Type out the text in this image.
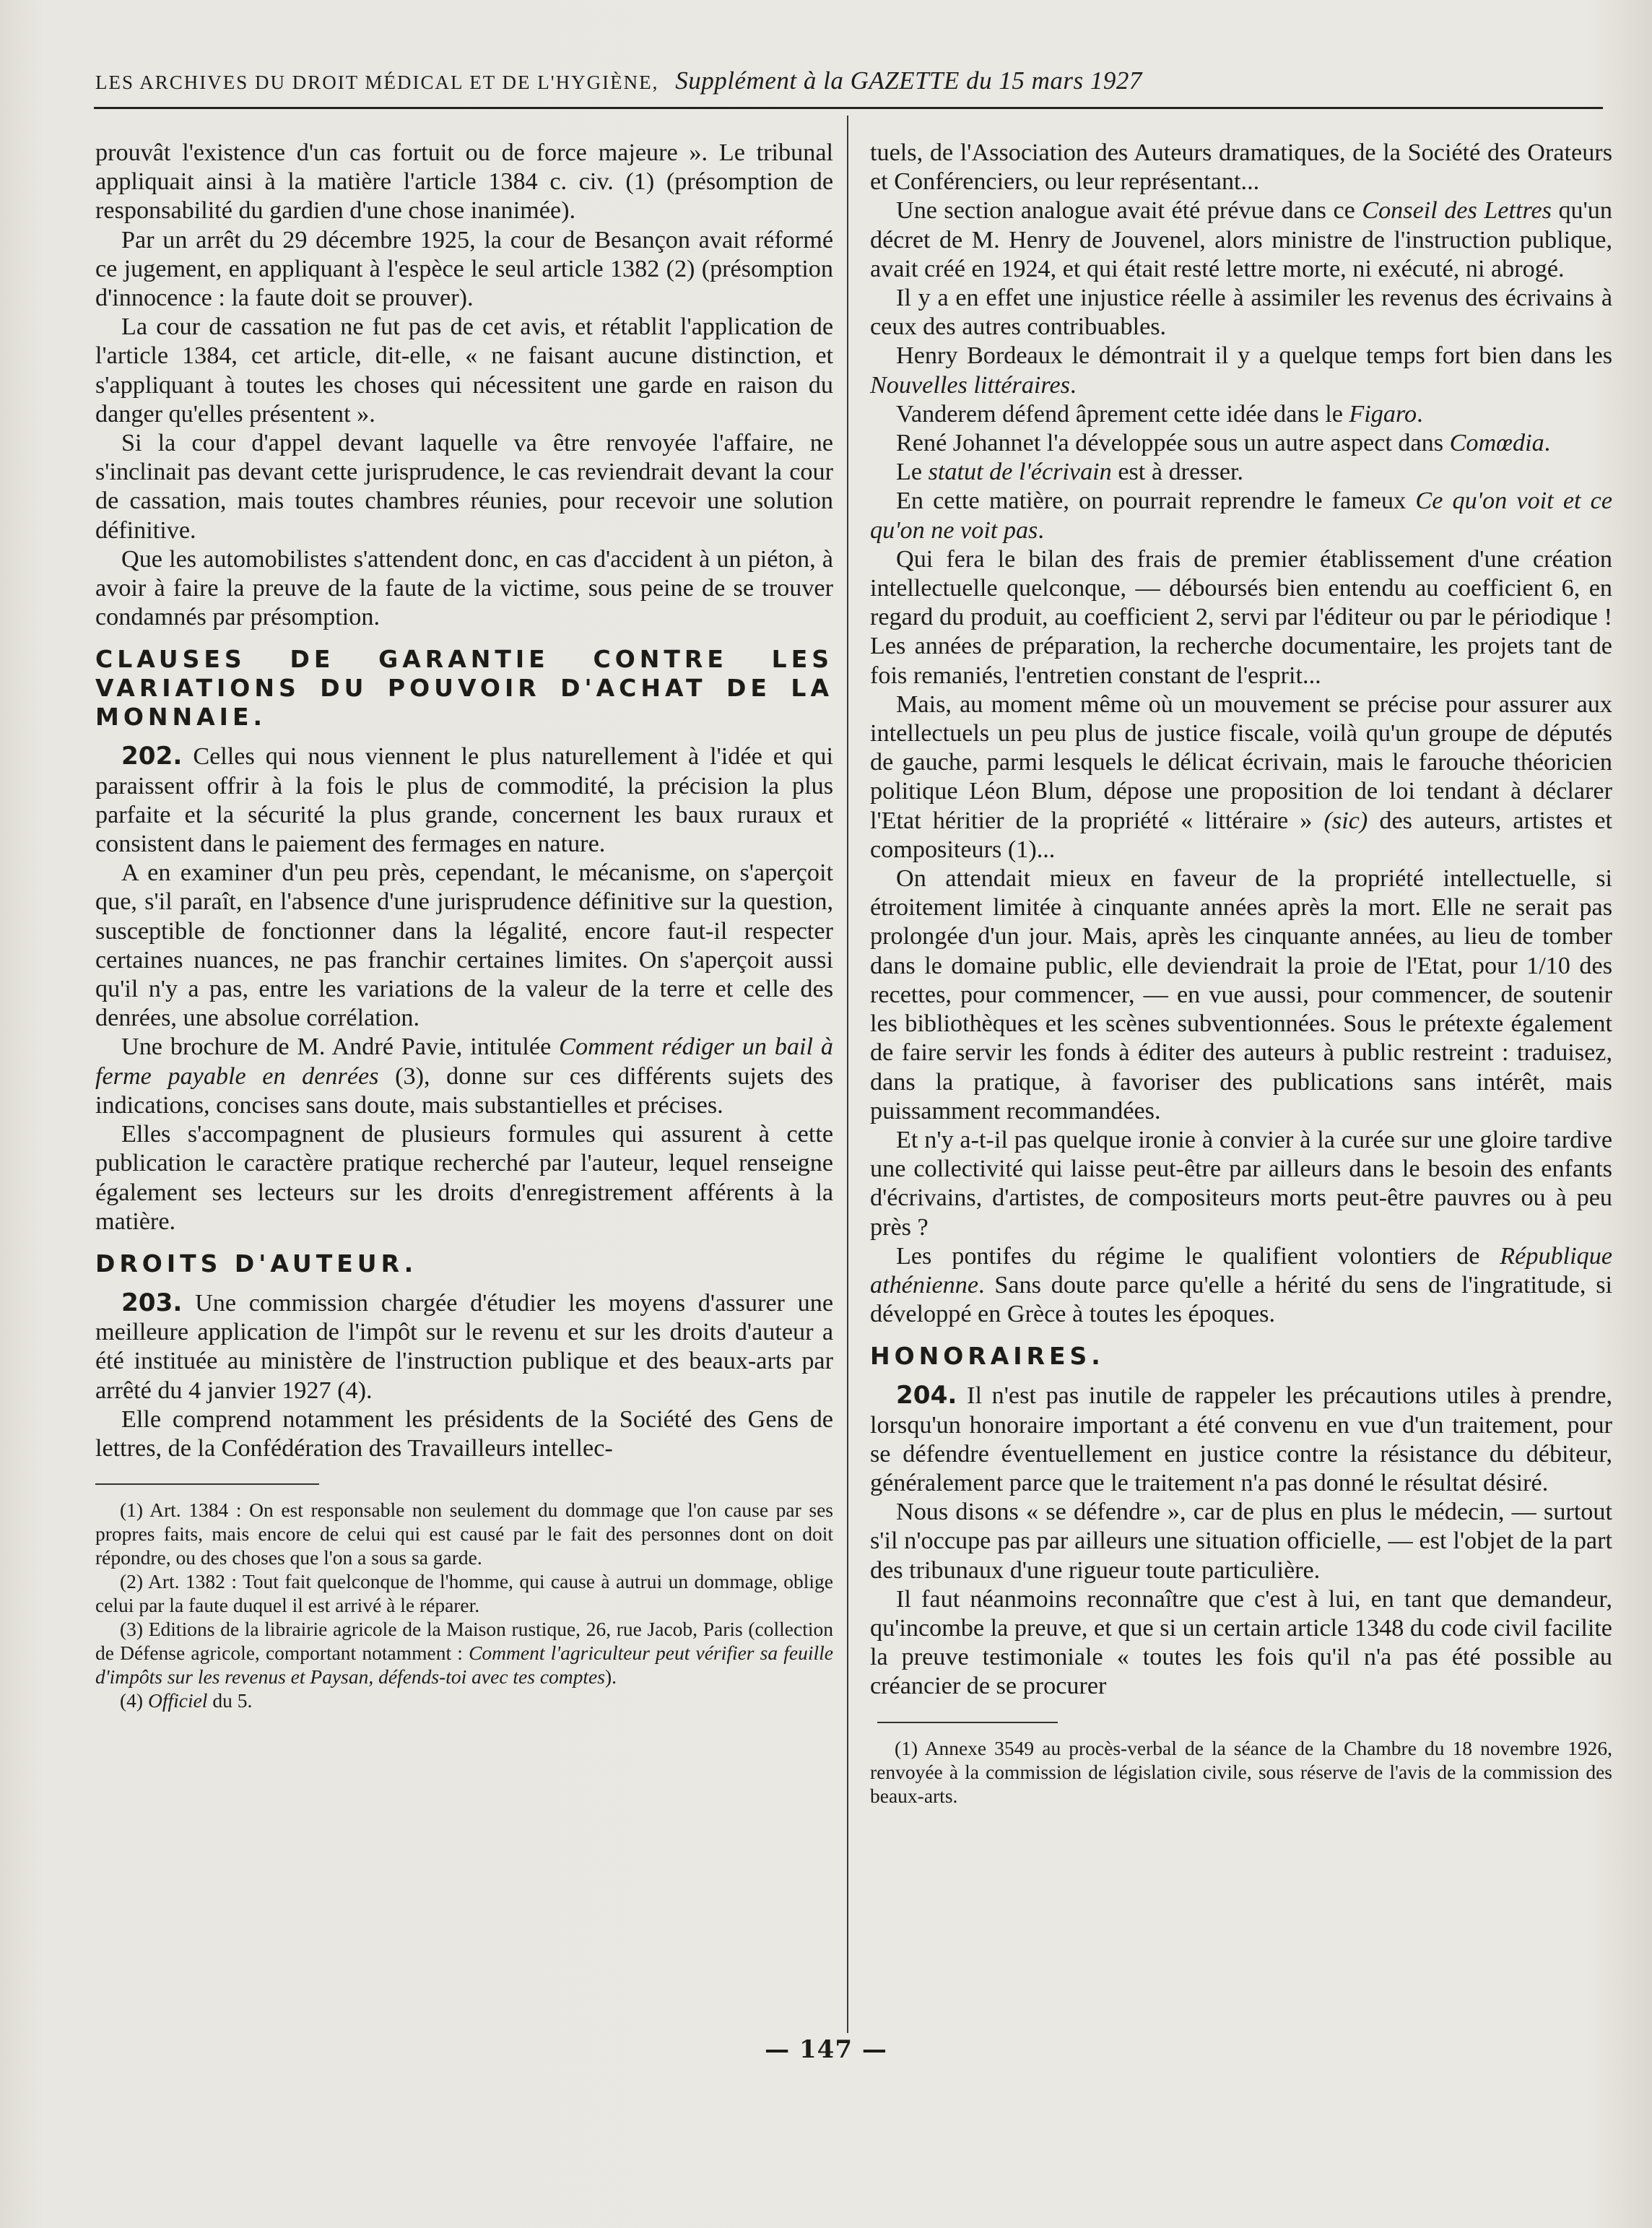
LES ARCHIVES DU DROIT MÉDICAL ET DE L'HYGIÈNE, Supplément à la GAZETTE du 15 mars 1927

prouvât l'existence d'un cas fortuit ou de force majeure ». Le tribunal appliquait ainsi à la matière l'article 1384 c. civ. (1) (présomption de responsabilité du gardien d'une chose inanimée).

Par un arrêt du 29 décembre 1925, la cour de Besançon avait réformé ce jugement, en appliquant à l'espèce le seul article 1382 (2) (présomption d'innocence : la faute doit se prouver).

La cour de cassation ne fut pas de cet avis, et rétablit l'application de l'article 1384, cet article, dit-elle, « ne faisant aucune distinction, et s'appliquant à toutes les choses qui nécessitent une garde en raison du danger qu'elles présentent ».

Si la cour d'appel devant laquelle va être renvoyée l'affaire, ne s'inclinait pas devant cette jurisprudence, le cas reviendrait devant la cour de cassation, mais toutes chambres réunies, pour recevoir une solution définitive.

Que les automobilistes s'attendent donc, en cas d'accident à un piéton, à avoir à faire la preuve de la faute de la victime, sous peine de se trouver condamnés par présomption.

CLAUSES DE GARANTIE CONTRE LES VARIATIONS DU POUVOIR D'ACHAT DE LA MONNAIE.

202. Celles qui nous viennent le plus naturellement à l'idée et qui paraissent offrir à la fois le plus de commodité, la précision la plus parfaite et la sécurité la plus grande, concernent les baux ruraux et consistent dans le paiement des fermages en nature.

A en examiner d'un peu près, cependant, le mécanisme, on s'aperçoit que, s'il paraît, en l'absence d'une jurisprudence définitive sur la question, susceptible de fonctionner dans la légalité, encore faut-il respecter certaines nuances, ne pas franchir certaines limites. On s'aperçoit aussi qu'il n'y a pas, entre les variations de la valeur de la terre et celle des denrées, une absolue corrélation.

Une brochure de M. André Pavie, intitulée Comment rédiger un bail à ferme payable en denrées (3), donne sur ces différents sujets des indications, concises sans doute, mais substantielles et précises.

Elles s'accompagnent de plusieurs formules qui assurent à cette publication le caractère pratique recherché par l'auteur, lequel renseigne également ses lecteurs sur les droits d'enregistrement afférents à la matière.

DROITS D'AUTEUR.

203. Une commission chargée d'étudier les moyens d'assurer une meilleure application de l'impôt sur le revenu et sur les droits d'auteur a été instituée au ministère de l'instruction publique et des beaux-arts par arrêté du 4 janvier 1927 (4).

Elle comprend notamment les présidents de la Société des Gens de lettres, de la Confédération des Travailleurs intellec-

(1) Art. 1384 : On est responsable non seulement du dommage que l'on cause par ses propres faits, mais encore de celui qui est causé par le fait des personnes dont on doit répondre, ou des choses que l'on a sous sa garde.

(2) Art. 1382 : Tout fait quelconque de l'homme, qui cause à autrui un dommage, oblige celui par la faute duquel il est arrivé à le réparer.

(3) Editions de la librairie agricole de la Maison rustique, 26, rue Jacob, Paris (collection de Défense agricole, comportant notamment : Comment l'agriculteur peut vérifier sa feuille d'impôts sur les revenus et Paysan, défends-toi avec tes comptes).

(4) Officiel du 5.

tuels, de l'Association des Auteurs dramatiques, de la Société des Orateurs et Conférenciers, ou leur représentant...

Une section analogue avait été prévue dans ce Conseil des Lettres qu'un décret de M. Henry de Jouvenel, alors ministre de l'instruction publique, avait créé en 1924, et qui était resté lettre morte, ni exécuté, ni abrogé.

Il y a en effet une injustice réelle à assimiler les revenus des écrivains à ceux des autres contribuables.

Henry Bordeaux le démontrait il y a quelque temps fort bien dans les Nouvelles littéraires.

Vanderem défend âprement cette idée dans le Figaro.

René Johannet l'a développée sous un autre aspect dans Comœdia.

Le statut de l'écrivain est à dresser.

En cette matière, on pourrait reprendre le fameux Ce qu'on voit et ce qu'on ne voit pas.

Qui fera le bilan des frais de premier établissement d'une création intellectuelle quelconque, — déboursés bien entendu au coefficient 6, en regard du produit, au coefficient 2, servi par l'éditeur ou par le périodique ! Les années de préparation, la recherche documentaire, les projets tant de fois remaniés, l'entretien constant de l'esprit...

Mais, au moment même où un mouvement se précise pour assurer aux intellectuels un peu plus de justice fiscale, voilà qu'un groupe de députés de gauche, parmi lesquels le délicat écrivain, mais le farouche théoricien politique Léon Blum, dépose une proposition de loi tendant à déclarer l'Etat héritier de la propriété « littéraire » (sic) des auteurs, artistes et compositeurs (1)...

On attendait mieux en faveur de la propriété intellectuelle, si étroitement limitée à cinquante années après la mort. Elle ne serait pas prolongée d'un jour. Mais, après les cinquante années, au lieu de tomber dans le domaine public, elle deviendrait la proie de l'Etat, pour 1/10 des recettes, pour commencer, — en vue aussi, pour commencer, de soutenir les bibliothèques et les scènes subventionnées. Sous le prétexte également de faire servir les fonds à éditer des auteurs à public restreint : traduisez, dans la pratique, à favoriser des publications sans intérêt, mais puissamment recommandées.

Et n'y a-t-il pas quelque ironie à convier à la curée sur une gloire tardive une collectivité qui laisse peut-être par ailleurs dans le besoin des enfants d'écrivains, d'artistes, de compositeurs morts peut-être pauvres ou à peu près ?

Les pontifes du régime le qualifient volontiers de République athénienne. Sans doute parce qu'elle a hérité du sens de l'ingratitude, si développé en Grèce à toutes les époques.

HONORAIRES.

204. Il n'est pas inutile de rappeler les précautions utiles à prendre, lorsqu'un honoraire important a été convenu en vue d'un traitement, pour se défendre éventuellement en justice contre la résistance du débiteur, généralement parce que le traitement n'a pas donné le résultat désiré.

Nous disons « se défendre », car de plus en plus le médecin, — surtout s'il n'occupe pas par ailleurs une situation officielle, — est l'objet de la part des tribunaux d'une rigueur toute particulière.

Il faut néanmoins reconnaître que c'est à lui, en tant que demandeur, qu'incombe la preuve, et que si un certain article 1348 du code civil facilite la preuve testimoniale « toutes les fois qu'il n'a pas été possible au créancier de se procurer

(1) Annexe 3549 au procès-verbal de la séance de la Chambre du 18 novembre 1926, renvoyée à la commission de législation civile, sous réserve de l'avis de la commission des beaux-arts.

— 147 —
